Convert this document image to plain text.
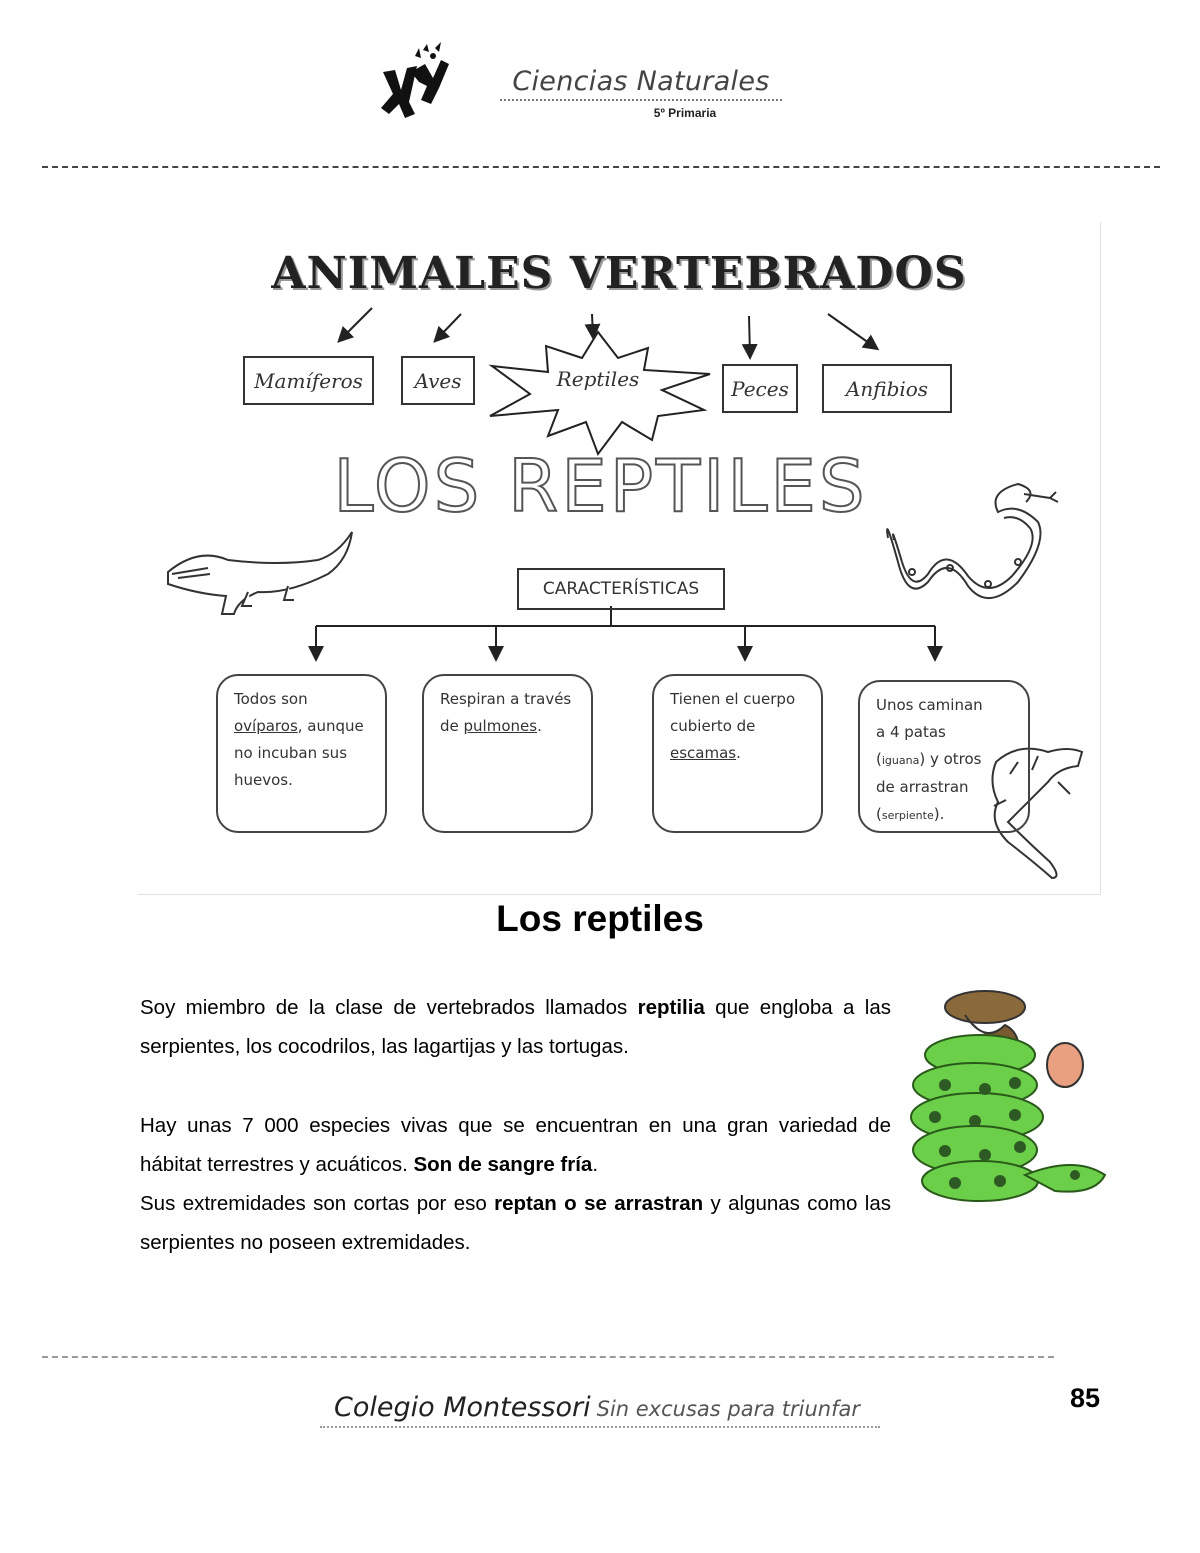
Ciencias Naturales
5º Primaria
ANIMALES VERTEBRADOS
Mamíferos	Aves	Reptiles	Peces	Anfibios
LOS REPTILES
CARACTERÍSTICAS
Todos son ovíparos, aunque no incuban sus huevos.
Respiran a través de pulmones.
Tienen el cuerpo cubierto de escamas.
Unos caminan a 4 patas (iguana) y otros de arrastran (serpiente).
Los reptiles
Soy miembro de la clase de vertebrados llamados reptilia que engloba a las serpientes, los cocodrilos, las lagartijas y las tortugas.
Hay unas 7 000 especies vivas que se encuentran en una gran variedad de hábitat terrestres y acuáticos. Son de sangre fría.
Sus extremidades son cortas por eso reptan o se arrastran y algunas como las serpientes no poseen extremidades.
Colegio Montessori Sin excusas para triunfar	85
